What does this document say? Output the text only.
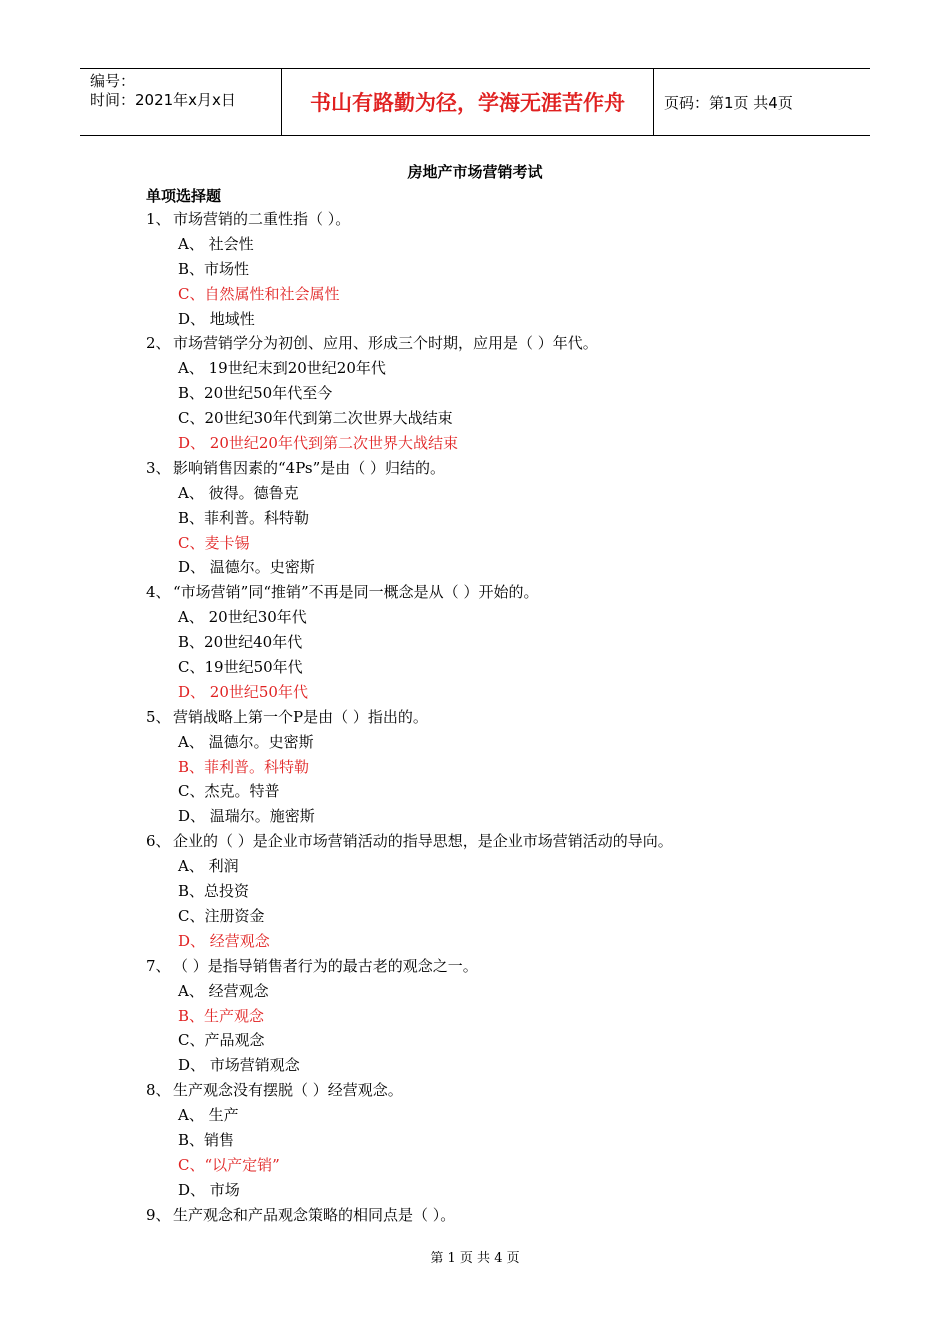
编号：
时间：2021年x月x日	书山有路勤为径，学海无涯苦作舟	页码：第1页 共4页
房地产市场营销考试
单项选择题
1、 市场营销的二重性指（ ）。
A、 社会性
B、市场性
C、自然属性和社会属性
D、 地域性
2、 市场营销学分为初创、应用、形成三个时期，应用是（ ）年代。
A、 19世纪末到20世纪20年代
B、20世纪50年代至今
C、20世纪30年代到第二次世界大战结束
D、 20世纪20年代到第二次世界大战结束
3、 影响销售因素的“4Ps”是由（ ）归结的。
A、 彼得。德鲁克
B、菲利普。科特勒
C、麦卡锡
D、 温德尔。史密斯
4、 “市场营销”同“推销”不再是同一概念是从（ ）开始的。
A、 20世纪30年代
B、20世纪40年代
C、19世纪50年代
D、 20世纪50年代
5、 营销战略上第一个P是由（ ）指出的。
A、 温德尔。史密斯
B、菲利普。科特勒
C、杰克。特普
D、 温瑞尔。施密斯
6、 企业的（ ）是企业市场营销活动的指导思想，是企业市场营销活动的导向。
A、 利润
B、总投资
C、注册资金
D、 经营观念
7、 （ ）是指导销售者行为的最古老的观念之一。
A、 经营观念
B、生产观念
C、产品观念
D、 市场营销观念
8、 生产观念没有摆脱（ ）经营观念。
A、 生产
B、销售
C、“以产定销”
D、 市场
9、 生产观念和产品观念策略的相同点是（ ）。
第 1 页 共 4 页
